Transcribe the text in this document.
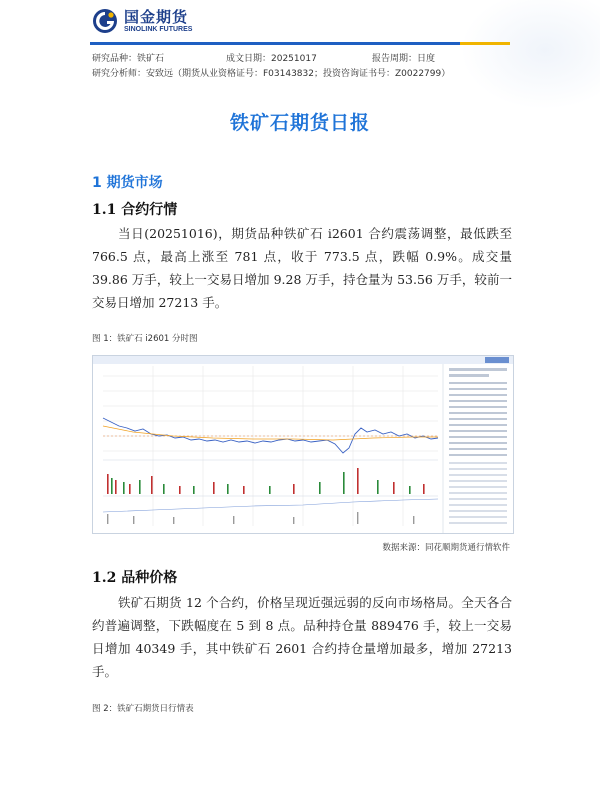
国金期货
SINOLINK FUTURES
研究品种：铁矿石	成文日期：20251017	报告周期：日度
研究分析师：安致远（期货从业资格证号：F03143832；投资咨询证书号：Z0022799）
铁矿石期货日报
1 期货市场
1.1 合约行情
当日(20251016)，期货品种铁矿石 i2601 合约震荡调整，最低跌至 766.5 点，最高上涨至 781 点，收于 773.5 点，跌幅 0.9%。成交量 39.86 万手，较上一交易日增加 9.28 万手，持仓量为 53.56 万手，较前一交易日增加 27213 手。
图 1：铁矿石 i2601 分时图
数据来源：同花顺期货通行情软件
1.2 品种价格
铁矿石期货 12 个合约，价格呈现近强远弱的反向市场格局。全天各合约普遍调整，下跌幅度在 5 到 8 点。品种持仓量 889476 手，较上一交易日增加 40349 手，其中铁矿石 2601 合约持仓量增加最多，增加 27213 手。
图 2：铁矿石期货日行情表
